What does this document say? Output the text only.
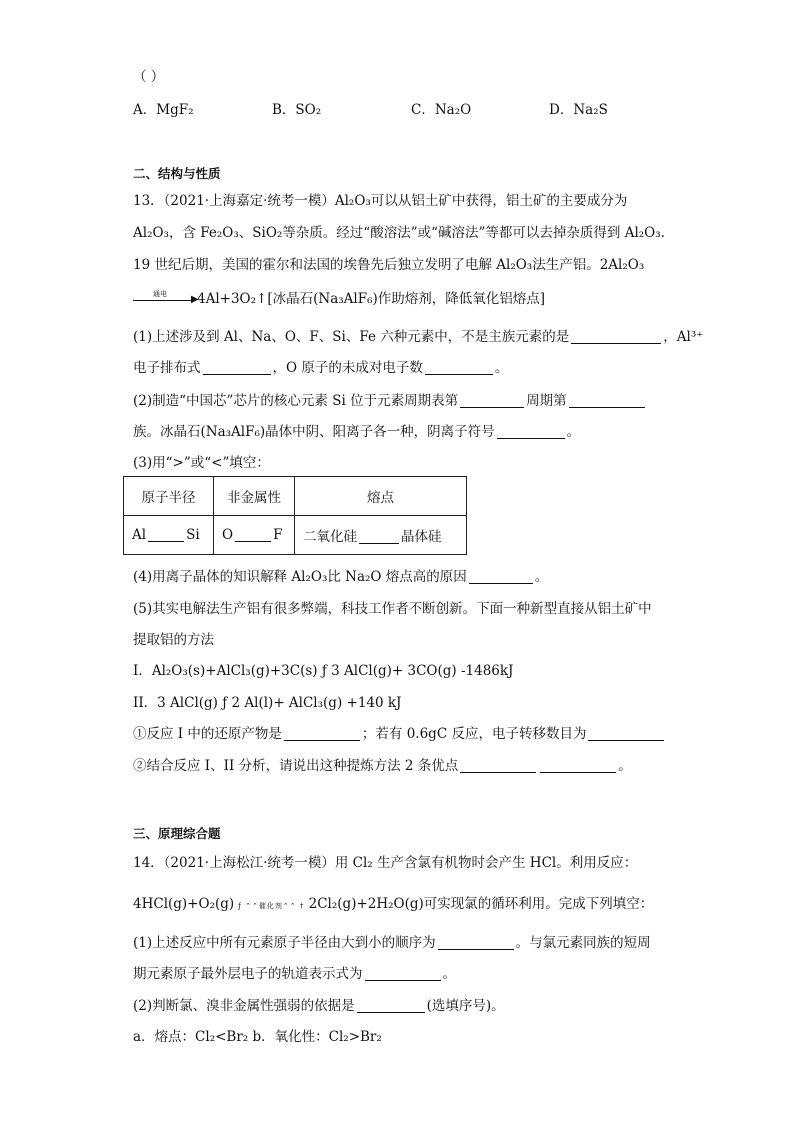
（ ）
A．MgF₂	B．SO₂	C．Na₂O	D．Na₂S
二、结构与性质
13．（2021·上海嘉定·统考一模）Al₂O₃可以从铝土矿中获得，铝土矿的主要成分为
Al₂O₃，含 Fe₂O₃、SiO₂等杂质。经过“酸溶法”或“碱溶法”等都可以去掉杂质得到 Al₂O₃.
19 世纪后期，美国的霍尔和法国的埃鲁先后独立发明了电解 Al₂O₃法生产铝。2Al₂O₃
通电 ▶
4Al+3O₂↑[冰晶石(Na₃AlF₆)作助熔剂，降低氧化铝熔点]
(1)上述涉及到 Al、Na、O、F、Si、Fe 六种元素中，不是主族元素的是	，Al³⁺
电子排布式	，O 原子的未成对电子数	。
(2)制造“中国芯”芯片的核心元素 Si 位于元素周期表第	周期第
族。冰晶石(Na₃AlF₆)晶体中阴、阳离子各一种，阴离子符号	。
(3)用“>”或“<”填空：
原子半径	非金属性	熔点
Al Si	O F	二氧化硅 晶体硅
(4)用离子晶体的知识解释 Al₂O₃比 Na₂O 熔点高的原因	。
(5)其实电解法生产铝有很多弊端，科技工作者不断创新。下面一种新型直接从铝土矿中
提取铝的方法
I．Al₂O₃(s)+AlCl₃(g)+3C(s) ƒ 3 AlCl(g)+ 3CO(g) -1486kJ
II．3 AlCl(g) ƒ 2 Al(l)+ AlCl₃(g) +140 kJ
①反应 I 中的还原产物是	；若有 0.6gC 反应，电子转移数目为
②结合反应 I、II 分析，请说出这种提炼方法 2 条优点	。
三、原理综合题
14．（2021·上海松江·统考一模）用 Cl₂ 生产含氯有机物时会产生 HCl。利用反应：
4HCl(g)+O₂(g) ƒ ⌃⌃催化剂⌃⌃ † 2Cl₂(g)+2H₂O(g)可实现氯的循环利用。完成下列填空：
(1)上述反应中所有元素原子半径由大到小的顺序为	。与氯元素同族的短周
期元素原子最外层电子的轨道表示式为	。
(2)判断氯、溴非金属性强弱的依据是	(选填序号)。
a．熔点：Cl₂<Br₂ b．氧化性：Cl₂>Br₂
